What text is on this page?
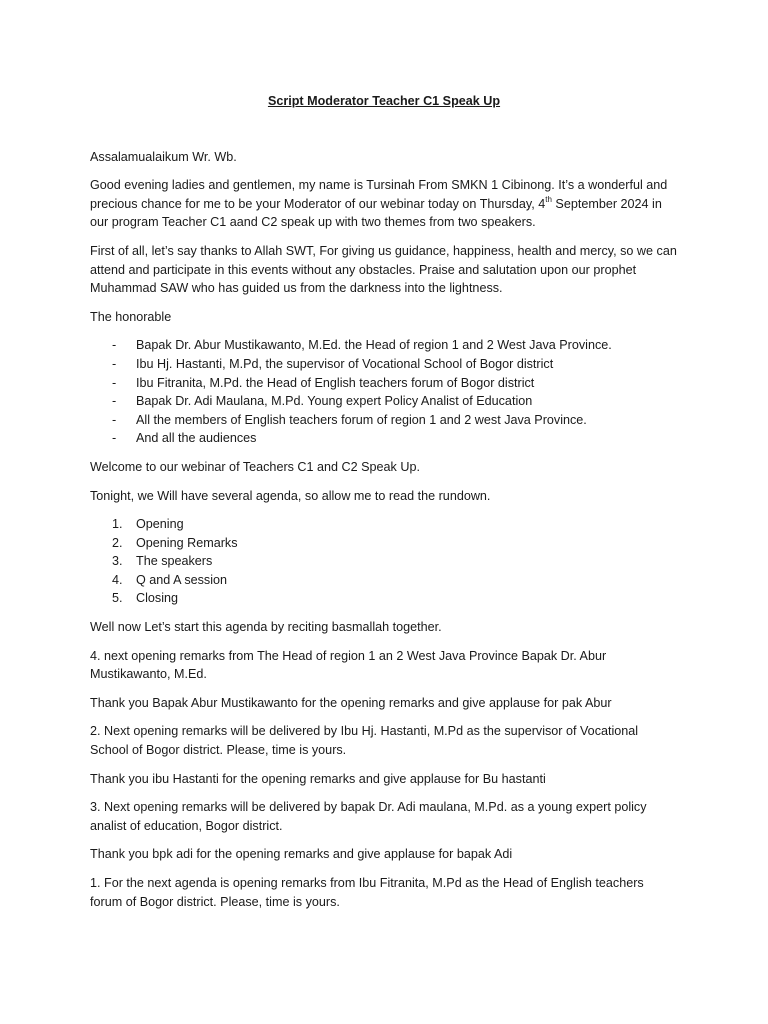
Script Moderator Teacher C1 Speak Up

Assalamualaikum Wr. Wb.

Good evening ladies and gentlemen, my name is Tursinah From SMKN 1 Cibinong. It’s a wonderful and precious chance for me to be your Moderator of our webinar today on Thursday, 4th September 2024 in our program Teacher C1 aand C2 speak up with two themes from two speakers.

First of all, let’s say thanks to Allah SWT, For giving us guidance, happiness, health and mercy, so we can attend and participate in this events without any obstacles. Praise and salutation upon our prophet Muhammad SAW who has guided us from the darkness into the lightness.

The honorable

- Bapak Dr. Abur Mustikawanto, M.Ed. the Head of region 1 and 2 West Java Province.
- Ibu Hj. Hastanti, M.Pd, the supervisor of Vocational School of Bogor district
- Ibu Fitranita, M.Pd. the Head of English teachers forum of Bogor district
- Bapak Dr. Adi Maulana, M.Pd. Young expert Policy Analist of Education
- All the members of English teachers forum of region 1 and 2 west Java Province.
- And all the audiences

Welcome to our webinar of Teachers C1 and C2 Speak Up.

Tonight, we Will have several agenda, so allow me to read the rundown.

1. Opening
2. Opening Remarks
3. The speakers
4. Q and A session
5. Closing

Well now Let’s start this agenda by reciting basmallah together.

4. next opening remarks from The Head of region 1 an 2 West Java Province Bapak Dr. Abur Mustikawanto, M.Ed.

Thank you Bapak Abur Mustikawanto for the opening remarks and give applause for pak Abur

2. Next opening remarks will be delivered by Ibu Hj. Hastanti, M.Pd as the supervisor of Vocational School of Bogor district. Please, time is yours.

Thank you ibu Hastanti for the opening remarks and give applause for Bu hastanti

3. Next opening remarks will be delivered by bapak Dr. Adi maulana, M.Pd. as a young expert policy analist of education, Bogor district.

Thank you bpk adi for the opening remarks and give applause for bapak Adi

1. For the next agenda is opening remarks from Ibu Fitranita, M.Pd as the Head of English teachers forum of Bogor district. Please, time is yours.
